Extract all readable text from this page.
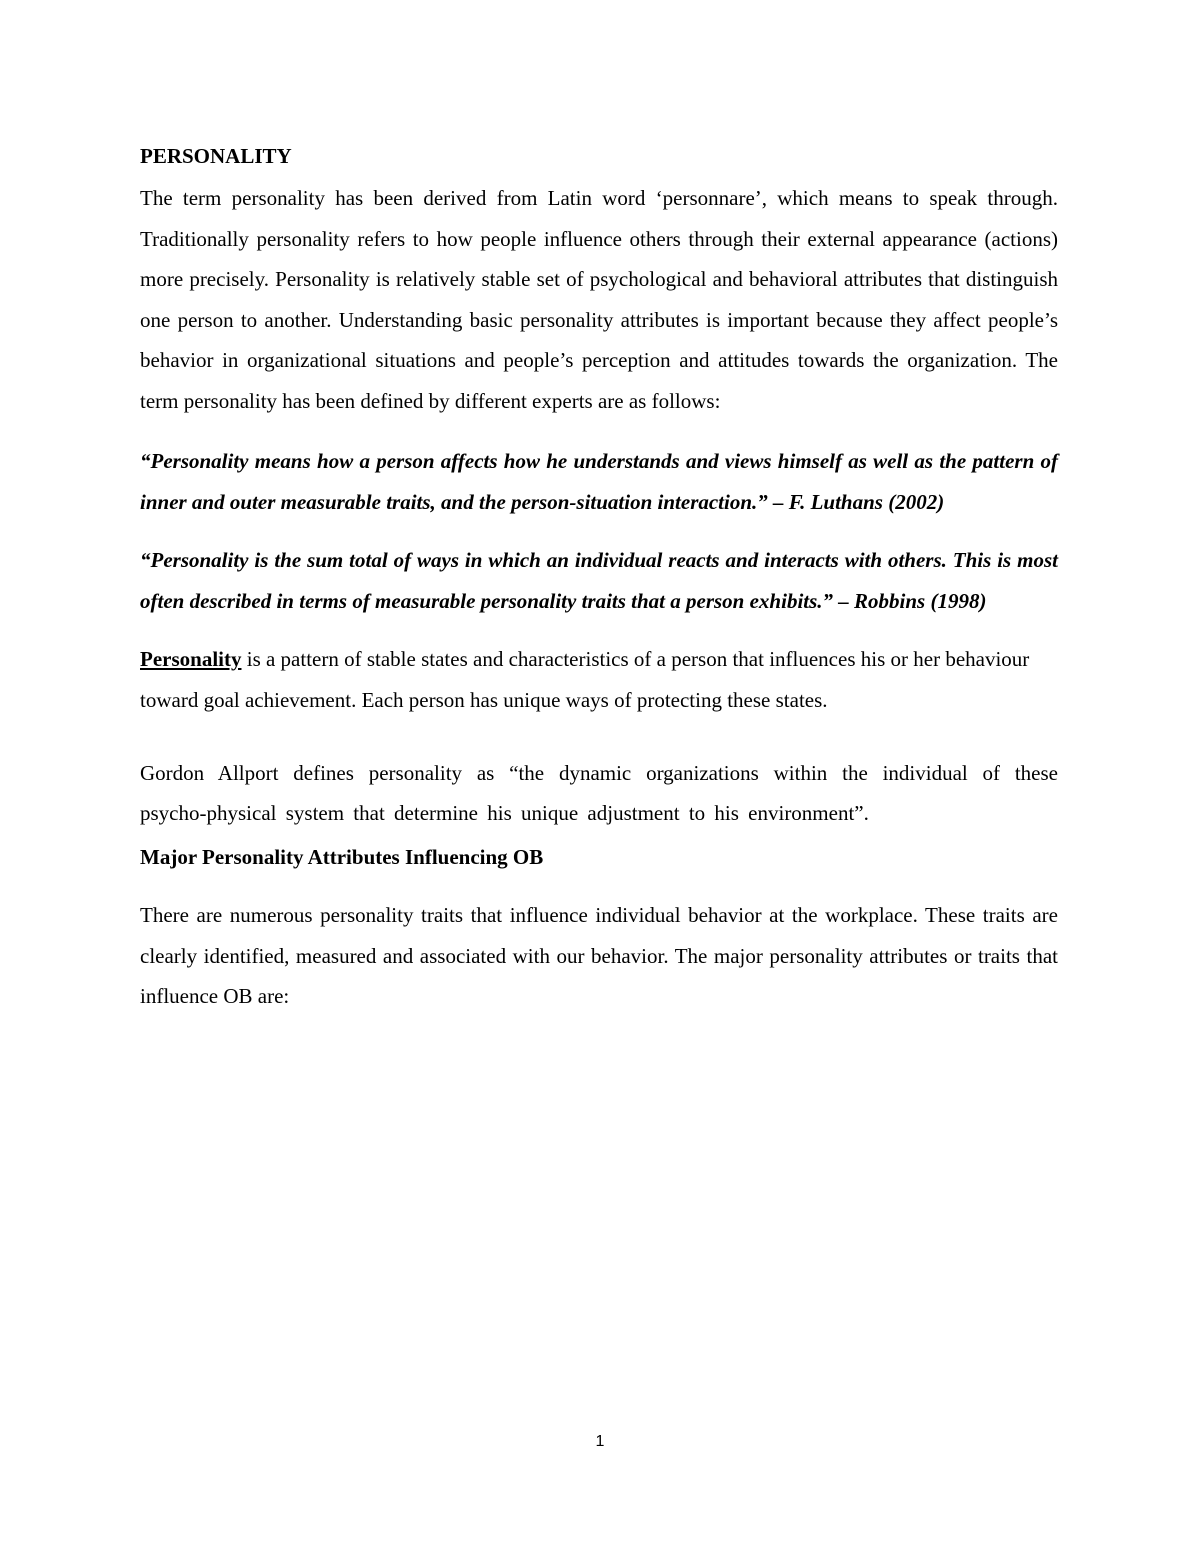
PERSONALITY

The term personality has been derived from Latin word ‘personnare’, which means to speak through. Traditionally personality refers to how people influence others through their external appearance (actions) more precisely. Personality is relatively stable set of psychological and behavioral attributes that distinguish one person to another. Understanding basic personality attributes is important because they affect people’s behavior in organizational situations and people’s perception and attitudes towards the organization. The term personality has been defined by different experts are as follows:

“Personality means how a person affects how he understands and views himself as well as the pattern of inner and outer measurable traits, and the person-situation interaction.” – F. Luthans (2002)

“Personality is the sum total of ways in which an individual reacts and interacts with others. This is most often described in terms of measurable personality traits that a person exhibits.” – Robbins (1998)

Personality is a pattern of stable states and characteristics of a person that influences his or her behaviour toward goal achievement. Each person has unique ways of protecting these states.

Gordon Allport defines personality as “the dynamic organizations within the individual of these psycho-physical system that determine his unique adjustment to his environment”.

Major Personality Attributes Influencing OB

There are numerous personality traits that influence individual behavior at the workplace. These traits are clearly identified, measured and associated with our behavior. The major personality attributes or traits that influence OB are:

1
